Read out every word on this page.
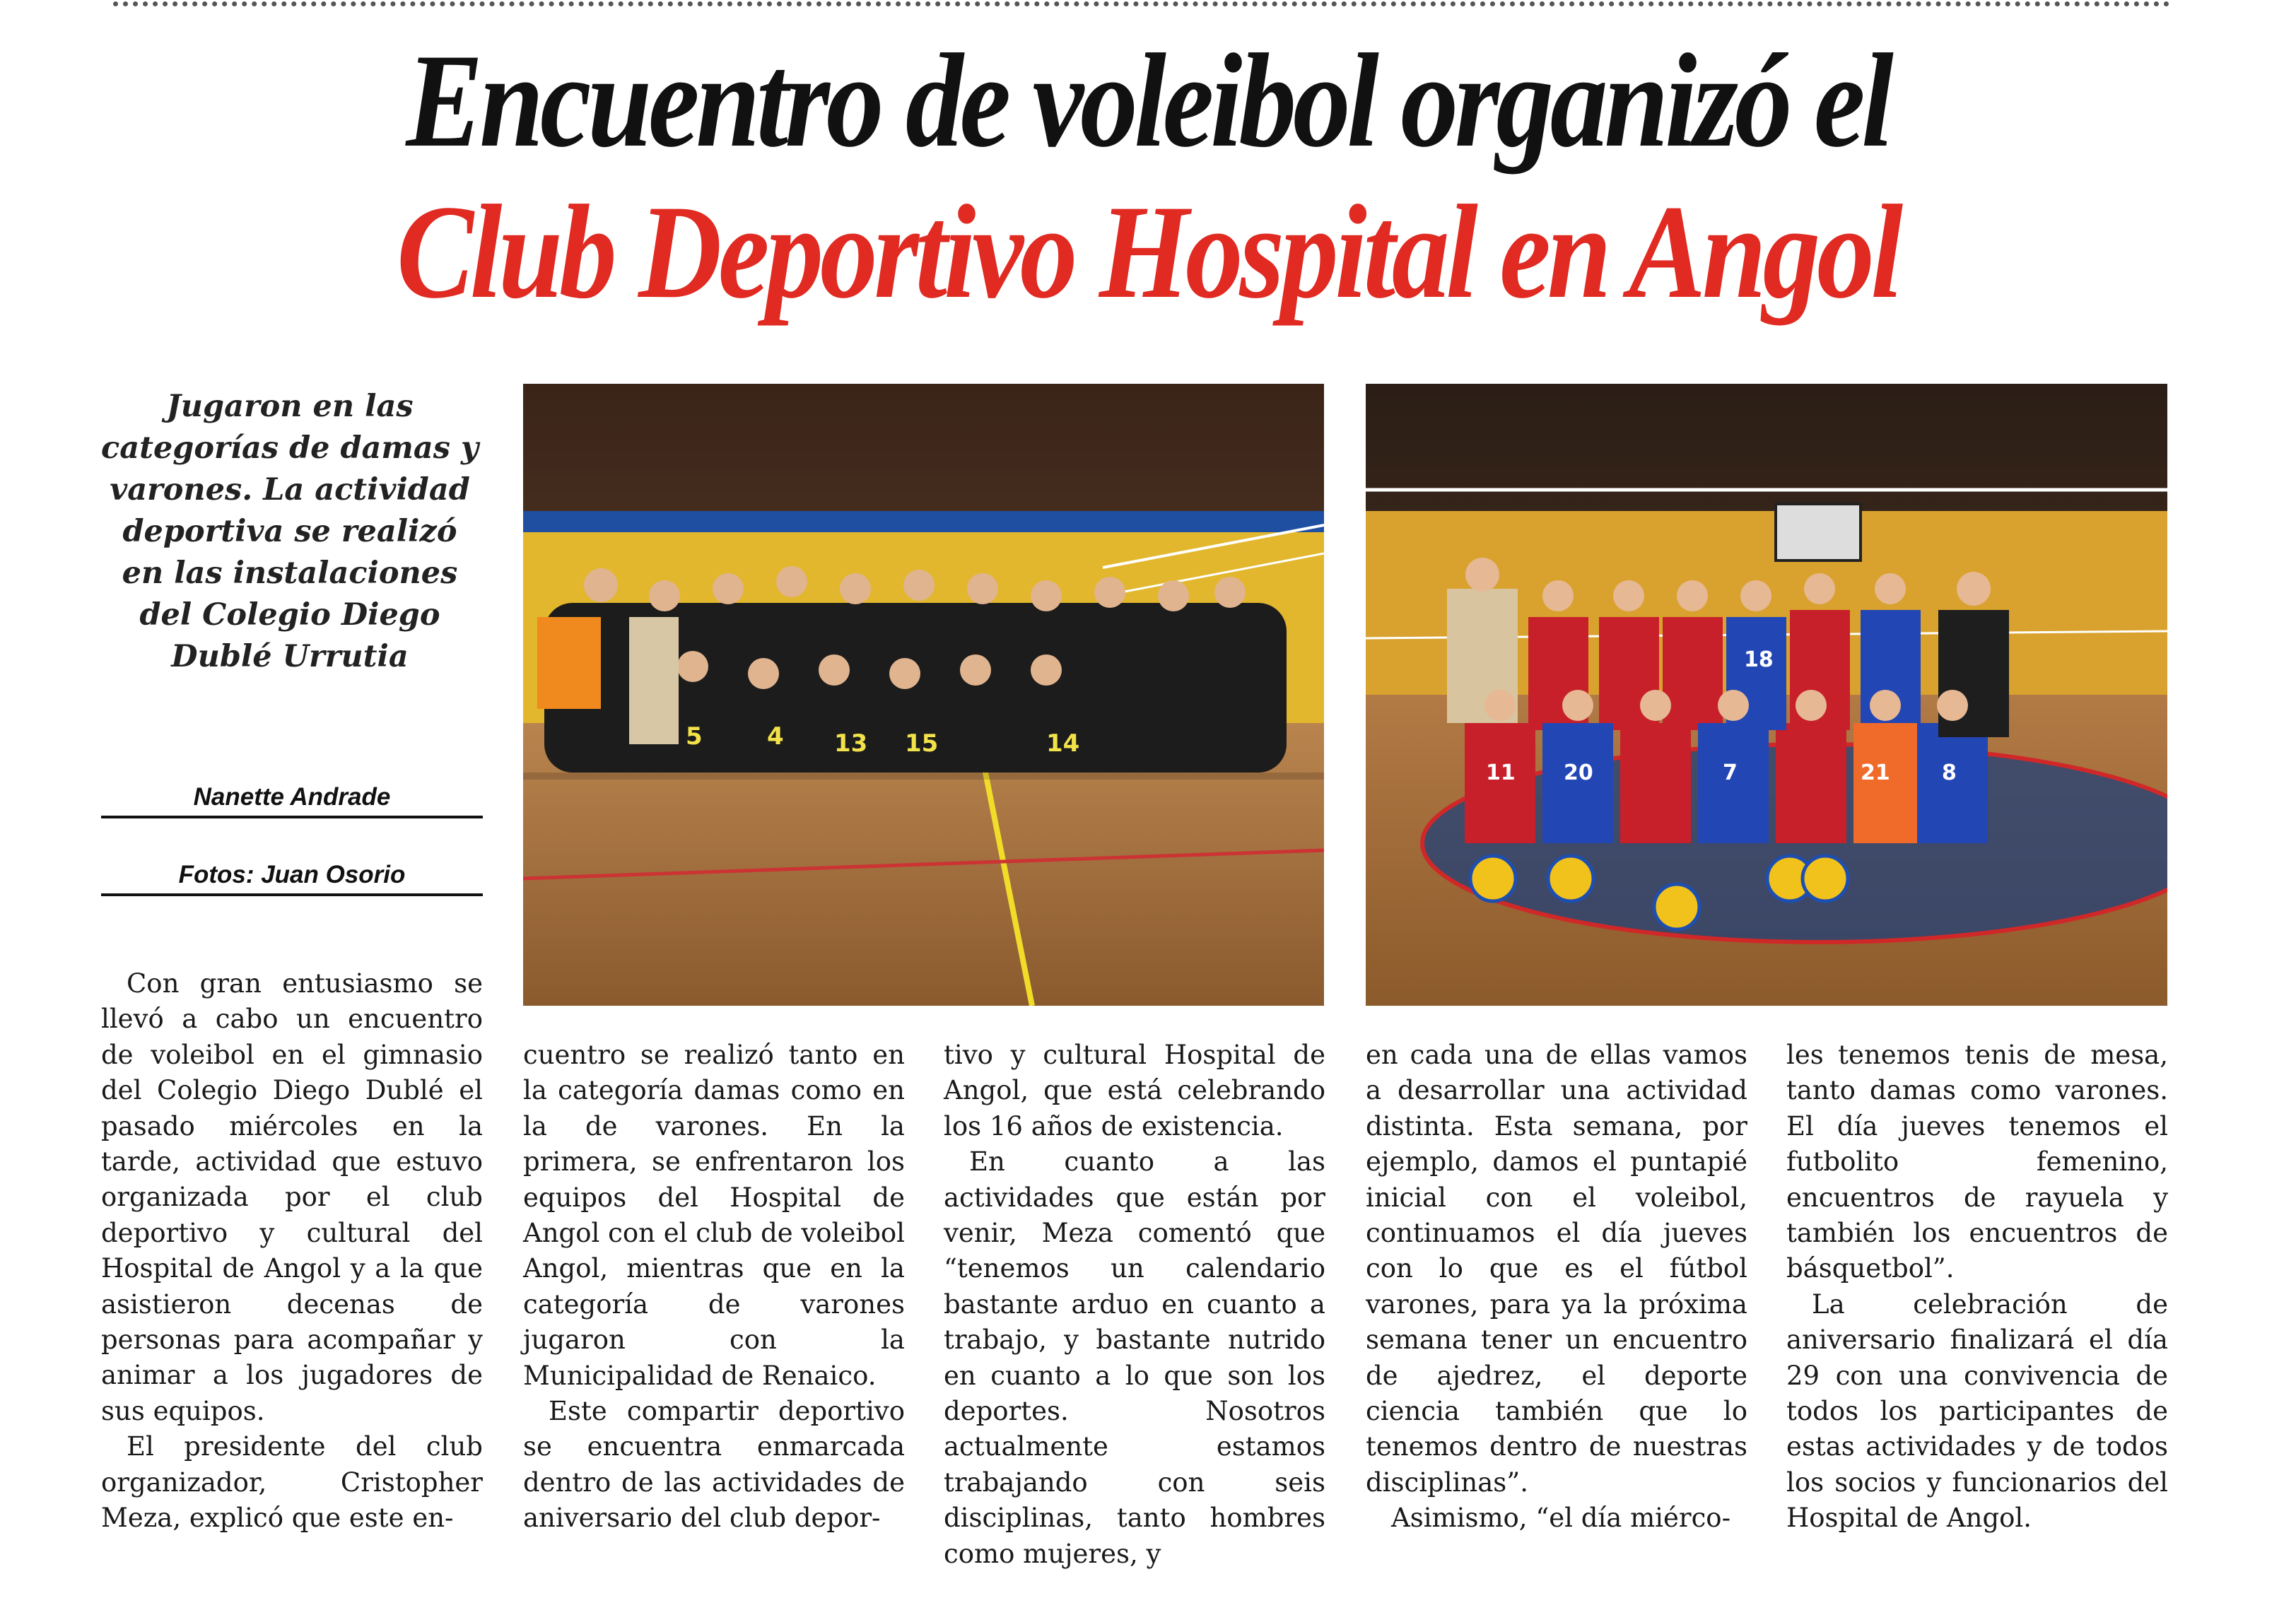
Encuentro de voleibol organizó el
Club Deportivo Hospital en Angol
Jugaron en las categorías de damas y varones. La actividad deportiva se realizó en las instalaciones del Colegio Diego Dublé Urrutia
Nanette Andrade
Fotos: Juan Osorio
5	4 13 15	14
11 20	7	21 8
18

Con gran entusiasmo se llevó a cabo un encuentro de voleibol en el gimnasio del Colegio Diego Dublé el pasado miércoles en la tarde, actividad que estuvo organizada por el club deportivo y cultural del Hospital de Angol y a la que asistieron decenas de personas para acompañar y animar a los jugadores de sus equipos.

El presidente del club organizador, Cristopher Meza, explicó que este en-

cuentro se realizó tanto en la categoría damas como en la de varones. En la primera, se enfrentaron los equipos del Hospital de Angol con el club de voleibol Angol, mientras que en la categoría de varones jugaron con la Municipalidad de Renaico.

Este compartir deportivo se encuentra enmarcada dentro de las actividades de aniversario del club depor-

tivo y cultural Hospital de Angol, que está celebrando los 16 años de existencia.

En cuanto a las actividades que están por venir, Meza comentó que “tenemos un calendario bastante arduo en cuanto a trabajo, y bastante nutrido en cuanto a lo que son los deportes. Nosotros actualmente estamos trabajando con seis disciplinas, tanto hombres como mujeres, y

en cada una de ellas vamos a desarrollar una actividad distinta. Esta semana, por ejemplo, damos el puntapié inicial con el voleibol, continuamos el día jueves con lo que es el fútbol varones, para ya la próxima semana tener un encuentro de ajedrez, el deporte ciencia también que lo tenemos dentro de nuestras disciplinas”.

Asimismo, “el día miérco-

les tenemos tenis de mesa, tanto damas como varones. El día jueves tenemos el futbolito femenino, encuentros de rayuela y también los encuentros de básquetbol”.

La celebración de aniversario finalizará el día 29 con una convivencia de todos los participantes de estas actividades y de todos los socios y funcionarios del Hospital de Angol.
